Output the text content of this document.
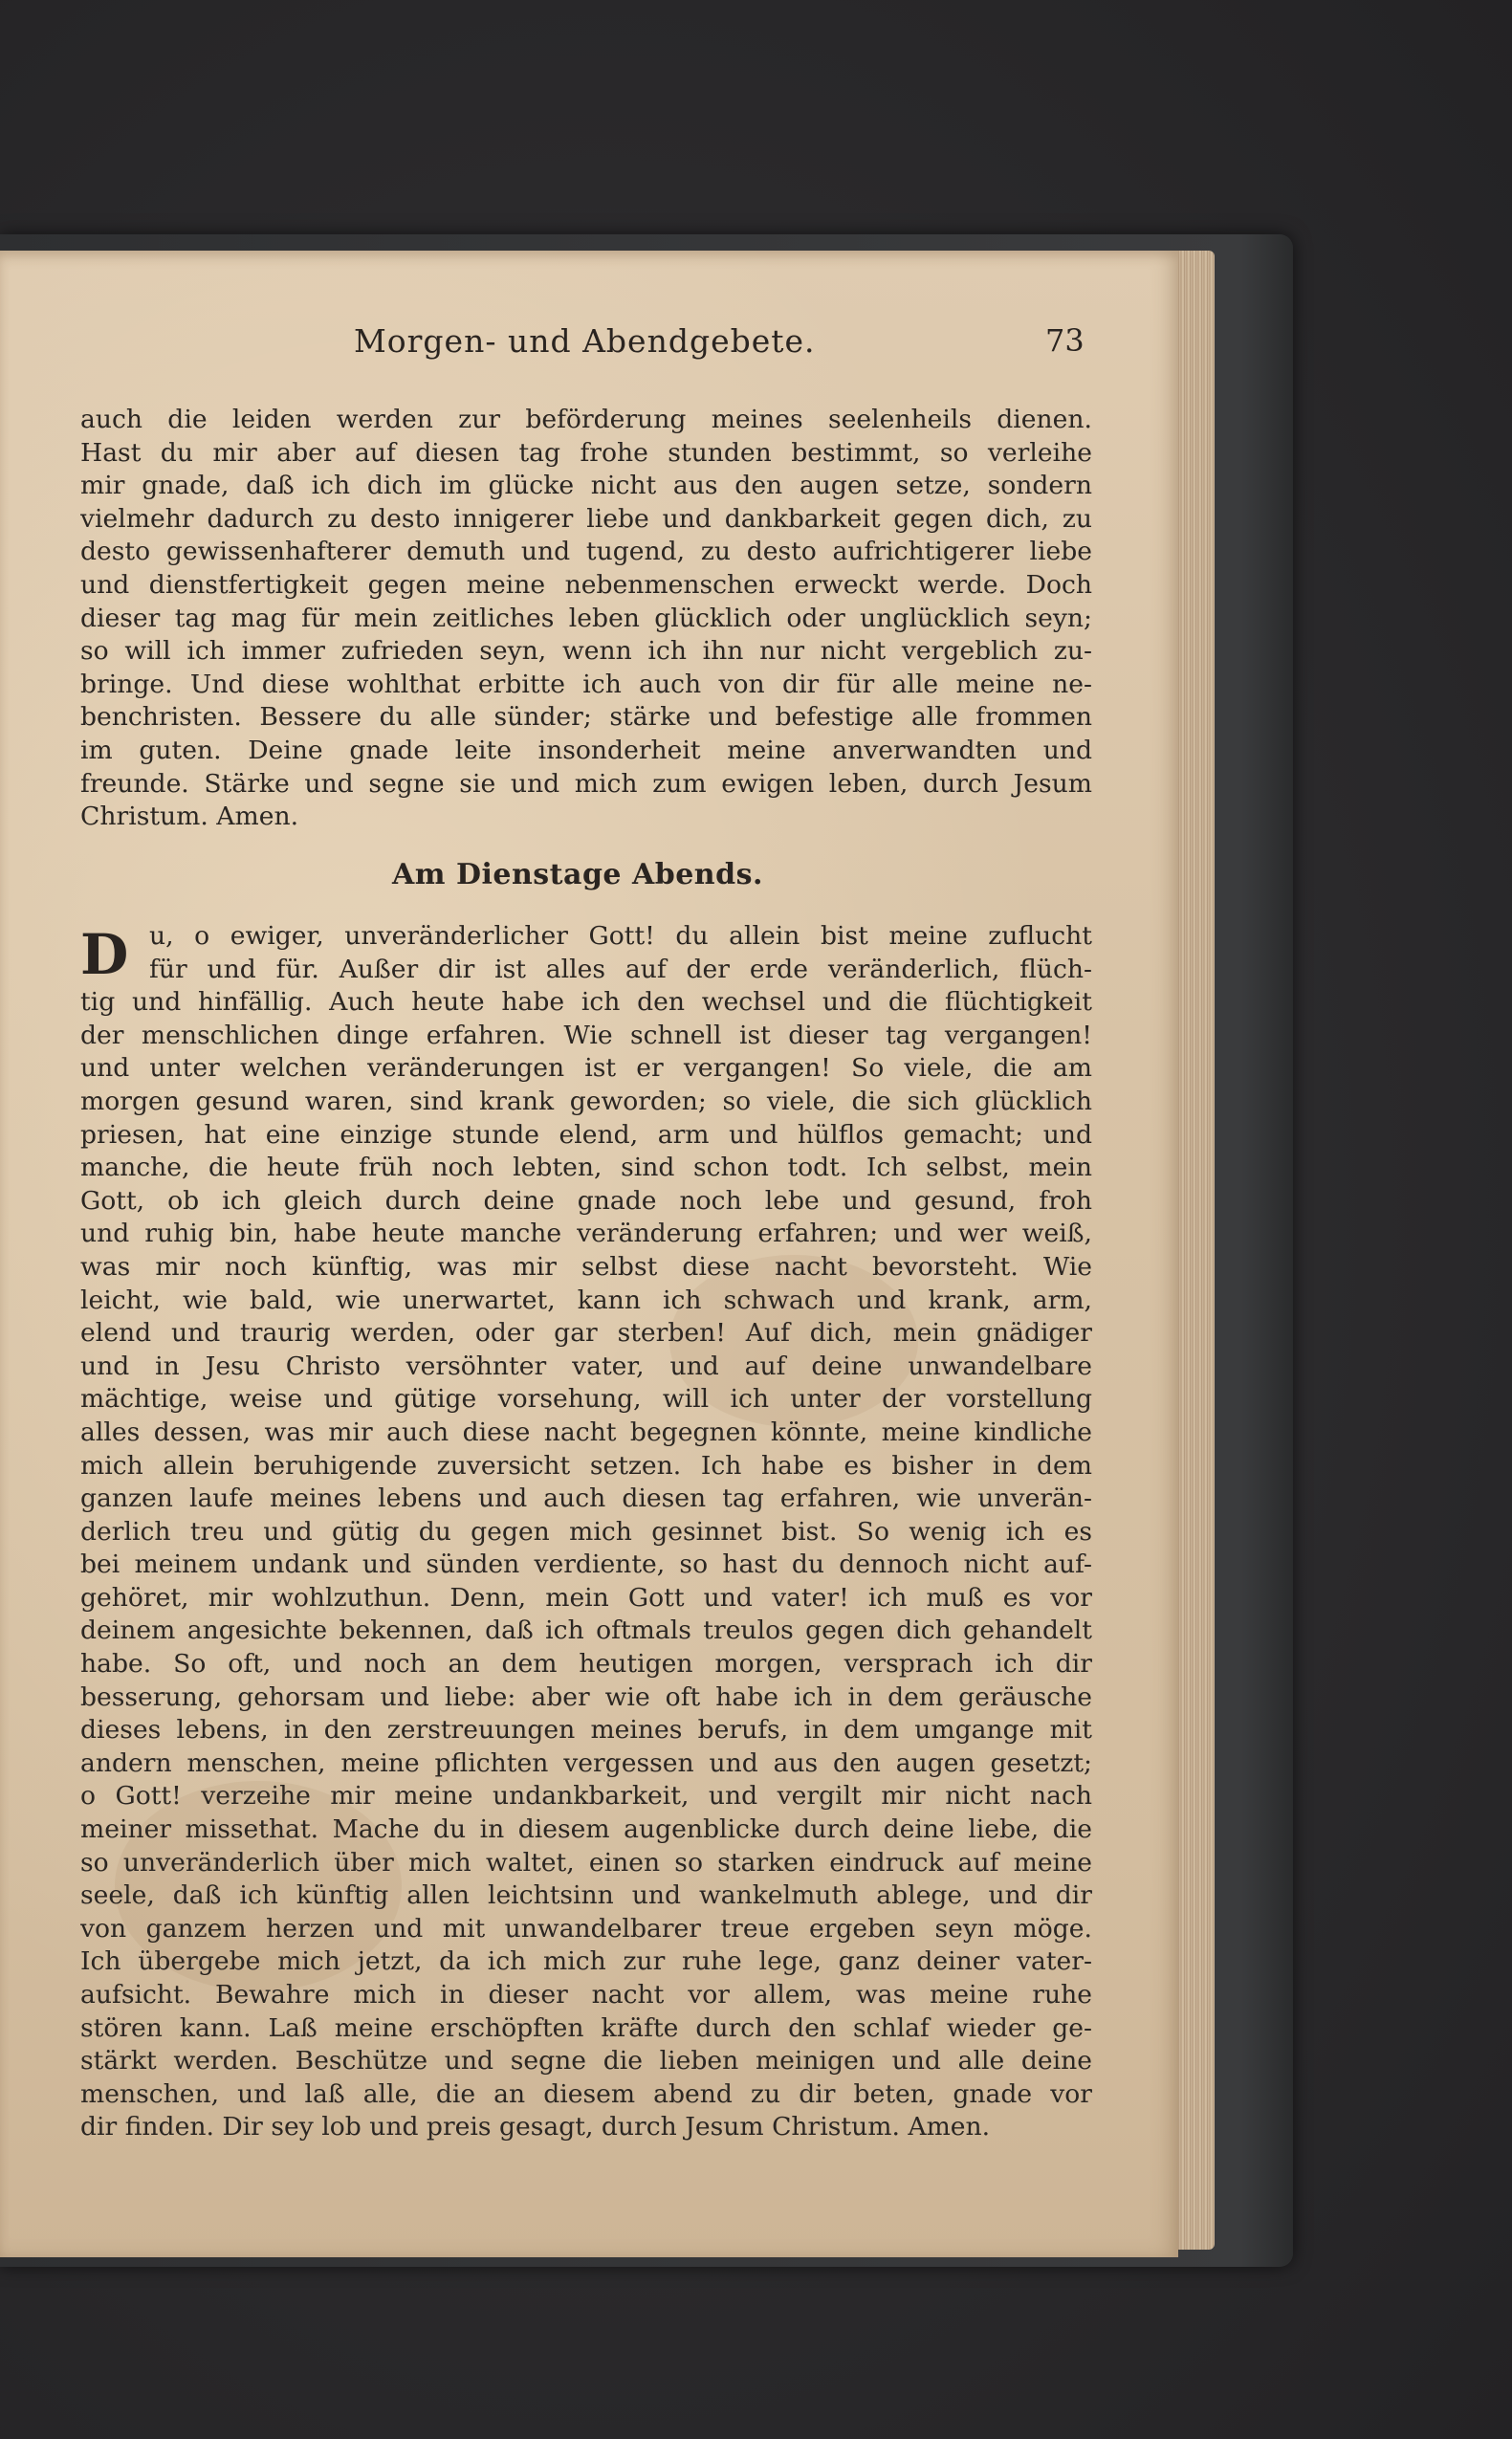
Morgen- und Abendgebete.	73
auch die leiden werden zur beförderung meines seelenheils dienen.
Hast du mir aber auf diesen tag frohe stunden bestimmt, so verleihe
mir gnade, daß ich dich im glücke nicht aus den augen setze, sondern
vielmehr dadurch zu desto innigerer liebe und dankbarkeit gegen dich, zu
desto gewissenhafterer demuth und tugend, zu desto aufrichtigerer liebe
und dienstfertigkeit gegen meine nebenmenschen erweckt werde. Doch
dieser tag mag für mein zeitliches leben glücklich oder unglücklich seyn;
so will ich immer zufrieden seyn, wenn ich ihn nur nicht vergeblich zu-
bringe. Und diese wohlthat erbitte ich auch von dir für alle meine ne-
benchristen. Bessere du alle sünder; stärke und befestige alle frommen
im guten. Deine gnade leite insonderheit meine anverwandten und
freunde. Stärke und segne sie und mich zum ewigen leben, durch Jesum
Christum. Amen.
Am Dienstage Abends.
D u, o ewiger, unveränderlicher Gott! du allein bist meine zuflucht
für und für. Außer dir ist alles auf der erde veränderlich, flüch-
tig und hinfällig. Auch heute habe ich den wechsel und die flüchtigkeit
der menschlichen dinge erfahren. Wie schnell ist dieser tag vergangen!
und unter welchen veränderungen ist er vergangen! So viele, die am
morgen gesund waren, sind krank geworden; so viele, die sich glücklich
priesen, hat eine einzige stunde elend, arm und hülflos gemacht; und
manche, die heute früh noch lebten, sind schon todt. Ich selbst, mein
Gott, ob ich gleich durch deine gnade noch lebe und gesund, froh
und ruhig bin, habe heute manche veränderung erfahren; und wer weiß,
was mir noch künftig, was mir selbst diese nacht bevorsteht. Wie
leicht, wie bald, wie unerwartet, kann ich schwach und krank, arm,
elend und traurig werden, oder gar sterben! Auf dich, mein gnädiger
und in Jesu Christo versöhnter vater, und auf deine unwandelbare
mächtige, weise und gütige vorsehung, will ich unter der vorstellung
alles dessen, was mir auch diese nacht begegnen könnte, meine kindliche
mich allein beruhigende zuversicht setzen. Ich habe es bisher in dem
ganzen laufe meines lebens und auch diesen tag erfahren, wie unverän-
derlich treu und gütig du gegen mich gesinnet bist. So wenig ich es
bei meinem undank und sünden verdiente, so hast du dennoch nicht auf-
gehöret, mir wohlzuthun. Denn, mein Gott und vater! ich muß es vor
deinem angesichte bekennen, daß ich oftmals treulos gegen dich gehandelt
habe. So oft, und noch an dem heutigen morgen, versprach ich dir
besserung, gehorsam und liebe: aber wie oft habe ich in dem geräusche
dieses lebens, in den zerstreuungen meines berufs, in dem umgange mit
andern menschen, meine pflichten vergessen und aus den augen gesetzt;
o Gott! verzeihe mir meine undankbarkeit, und vergilt mir nicht nach
meiner missethat. Mache du in diesem augenblicke durch deine liebe, die
so unveränderlich über mich waltet, einen so starken eindruck auf meine
seele, daß ich künftig allen leichtsinn und wankelmuth ablege, und dir
von ganzem herzen und mit unwandelbarer treue ergeben seyn möge.
Ich übergebe mich jetzt, da ich mich zur ruhe lege, ganz deiner vater-
aufsicht. Bewahre mich in dieser nacht vor allem, was meine ruhe
stören kann. Laß meine erschöpften kräfte durch den schlaf wieder ge-
stärkt werden. Beschütze und segne die lieben meinigen und alle deine
menschen, und laß alle, die an diesem abend zu dir beten, gnade vor
dir finden. Dir sey lob und preis gesagt, durch Jesum Christum. Amen.
